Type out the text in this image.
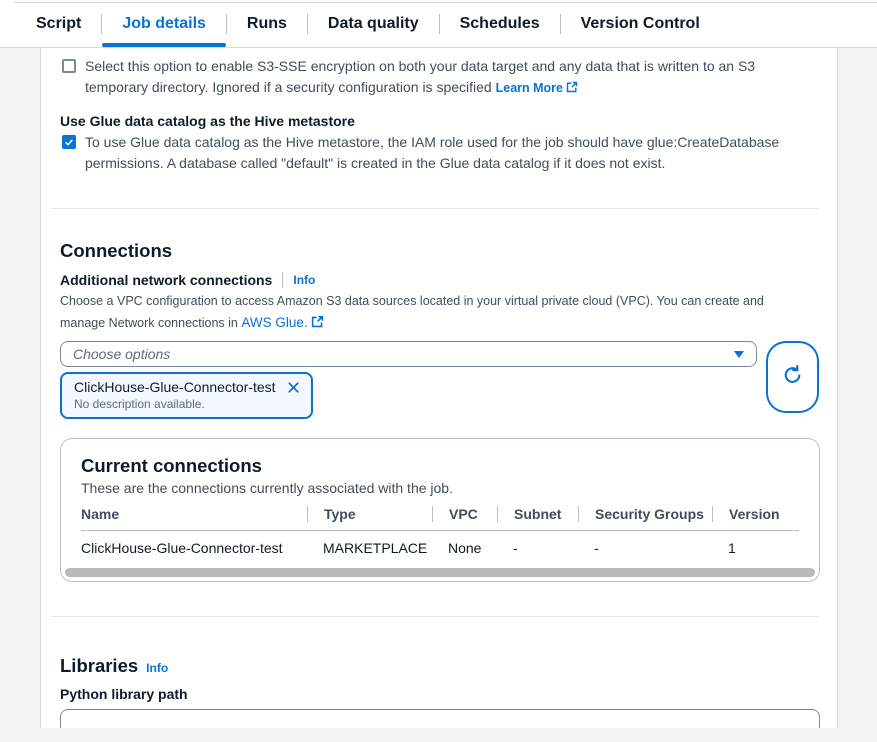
Script	Job details	Runs	Data quality	Schedules	Version Control
Select this option to enable S3-SSE encryption on both your data target and any data that is written to an S3 temporary directory. Ignored if a security configuration is specified Learn More
Use Glue data catalog as the Hive metastore
To use Glue data catalog as the Hive metastore, the IAM role used for the job should have glue:CreateDatabase permissions. A database called "default" is created in the Glue data catalog if it does not exist.
Connections
Additional network connections Info
Choose a VPC configuration to access Amazon S3 data sources located in your virtual private cloud (VPC). You can create and manage Network connections in AWS Glue.
Choose options
ClickHouse-Glue-Connector-test
No description available.
Current connections
These are the connections currently associated with the job.
Name	Type	VPC	Subnet	Security Groups	Version
ClickHouse-Glue-Connector-test	MARKETPLACE	None	-	-	1
Libraries Info
Python library path
